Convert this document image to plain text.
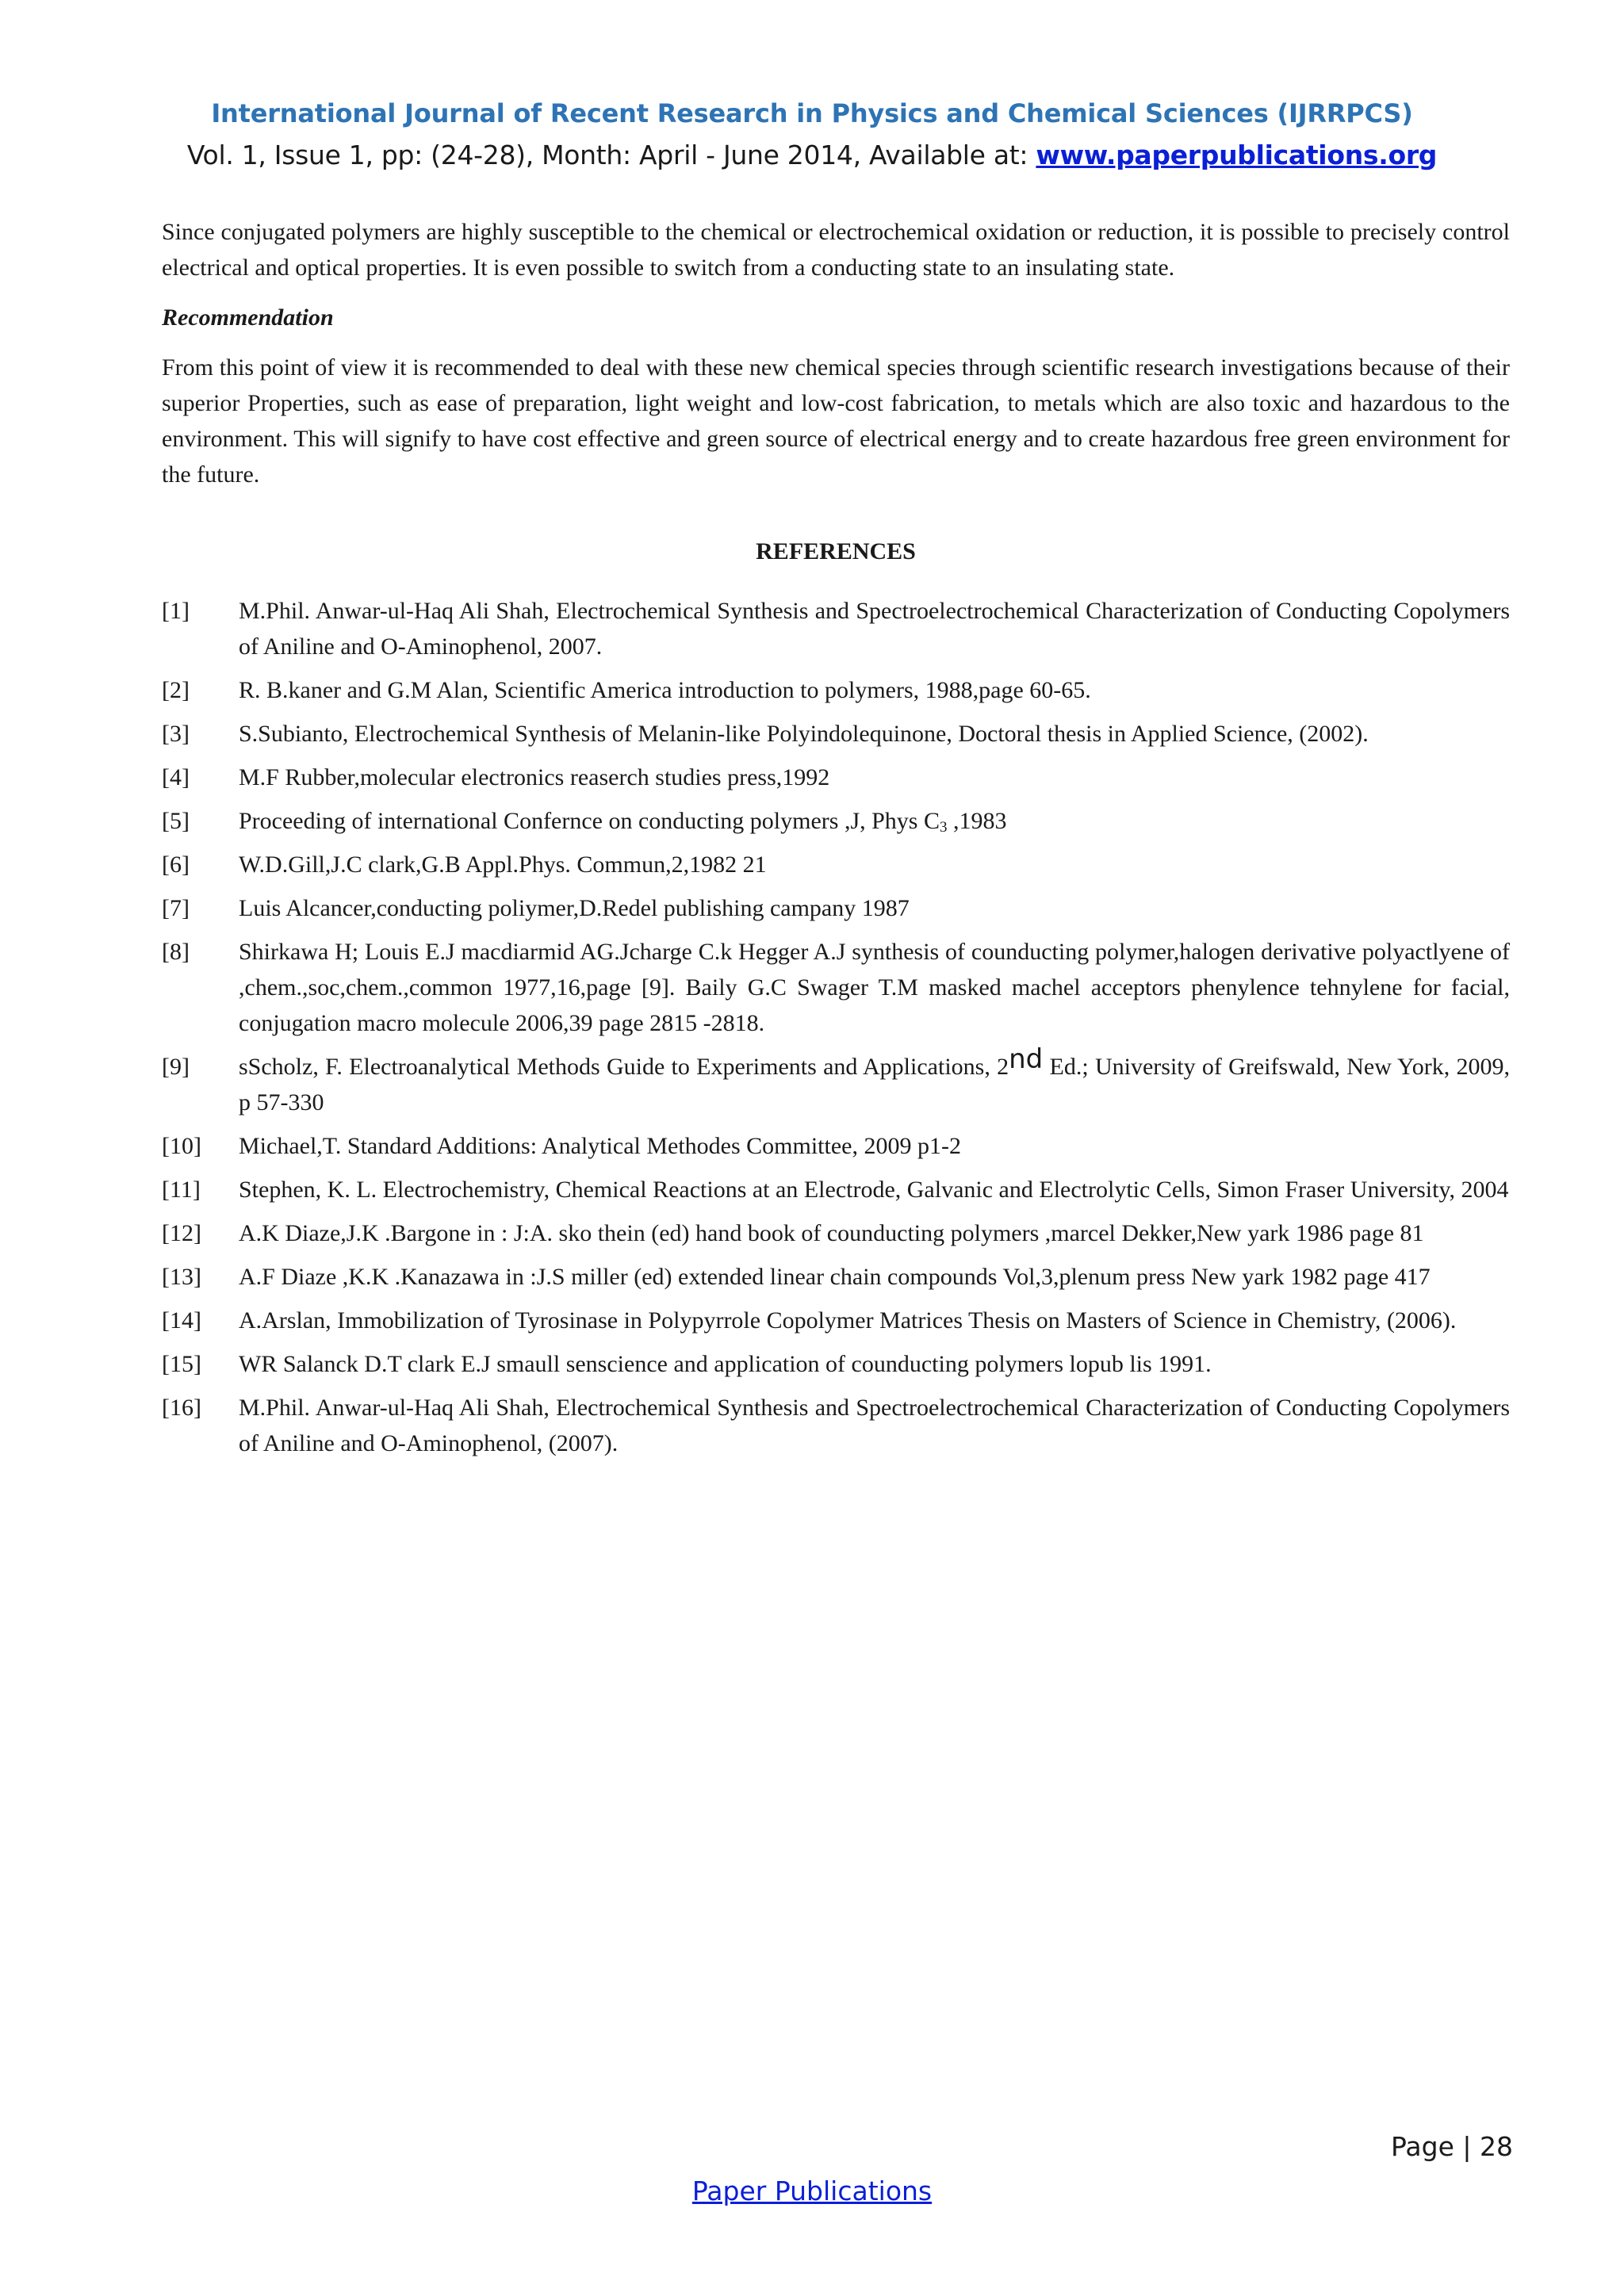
International Journal of Recent Research in Physics and Chemical Sciences (IJRRPCS)
Vol. 1, Issue 1, pp: (24-28), Month: April - June 2014, Available at: www.paperpublications.org

Since conjugated polymers are highly susceptible to the chemical or electrochemical oxidation or reduction, it is possible to precisely control electrical and optical properties. It is even possible to switch from a conducting state to an insulating state.

Recommendation

From this point of view it is recommended to deal with these new chemical species through scientific research investigations because of their superior Properties, such as ease of preparation, light weight and low-cost fabrication, to metals which are also toxic and hazardous to the environment. This will signify to have cost effective and green source of electrical energy and to create hazardous free green environment for the future.

REFERENCES
[1]	M.Phil. Anwar-ul-Haq Ali Shah, Electrochemical Synthesis and Spectroelectrochemical Characterization of Conducting Copolymers of Aniline and O-Aminophenol, 2007.
[2]	R. B.kaner and G.M Alan, Scientific America introduction to polymers, 1988,page 60-65.
[3]	S.Subianto, Electrochemical Synthesis of Melanin-like Polyindolequinone, Doctoral thesis in Applied Science, (2002).
[4]	M.F Rubber,molecular electronics reaserch studies press,1992
[5]	Proceeding of international Confernce on conducting polymers ,J, Phys $C_3$ ,1983
[6]	W.D.Gill,J.C clark,G.B Appl.Phys. Commun,2,1982 21
[7]	Luis Alcancer,conducting poliymer,D.Redel publishing campany 1987
[8]	Shirkawa H; Louis E.J macdiarmid AG.Jcharge C.k Hegger A.J synthesis of counducting polymer,halogen derivative polyactlyene of ,chem.,soc,chem.,common 1977,16,page [9]. Baily G.C Swager T.M masked machel acceptors phenylence tehnylene for facial, conjugation macro molecule 2006,39 page 2815 -2818.
[9]	sScholz, F. Electroanalytical Methods Guide to Experiments and Applications, 2nd Ed.; University of Greifswald, New York, 2009, p 57-330
[10]	Michael,T. Standard Additions: Analytical Methodes Committee, 2009 p1-2
[11]	Stephen, K. L. Electrochemistry, Chemical Reactions at an Electrode, Galvanic and Electrolytic Cells, Simon Fraser University, 2004
[12]	A.K Diaze,J.K .Bargone in : J:A. sko thein (ed) hand book of counducting polymers ,marcel Dekker,New yark 1986 page 81
[13]	A.F Diaze ,K.K .Kanazawa in :J.S miller (ed) extended linear chain compounds Vol,3,plenum press New yark 1982 page 417
[14]	A.Arslan, Immobilization of Tyrosinase in Polypyrrole Copolymer Matrices Thesis on Masters of Science in Chemistry, (2006).
[15]	WR Salanck D.T clark E.J smaull senscience and application of counducting polymers lopub lis 1991.
[16]	M.Phil. Anwar-ul-Haq Ali Shah, Electrochemical Synthesis and Spectroelectrochemical Characterization of Conducting Copolymers of Aniline and O-Aminophenol, (2007).
Page | 28
Paper Publications
